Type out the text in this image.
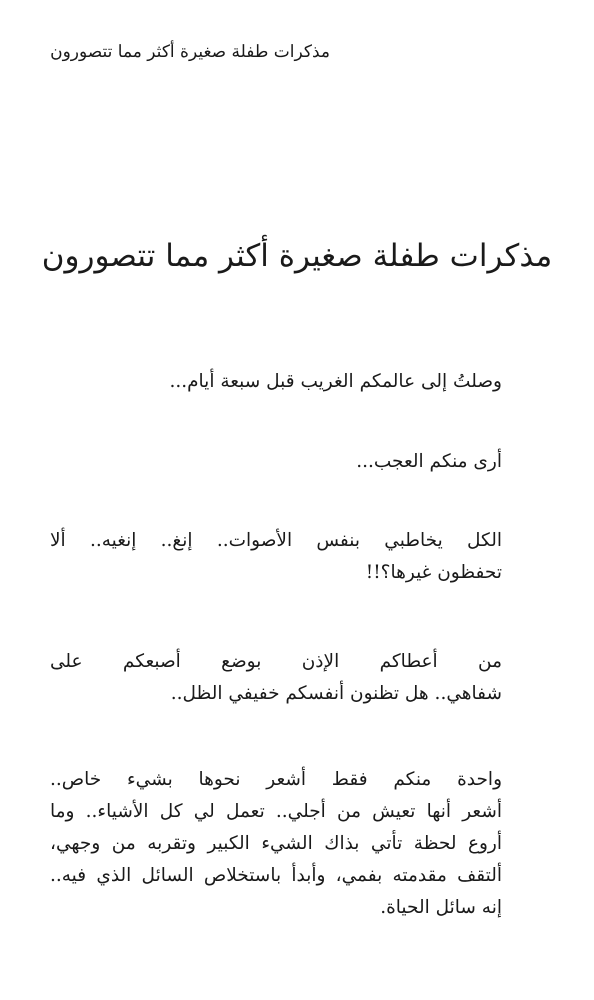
مذكرات طفلة صغيرة أكثر مما تتصورون
مذكرات طفلة صغيرة أكثر مما تتصورون
وصلتُ إلى عالمكم الغريب قبل سبعة أيام...
أرى منكم العجب...
الكل يخاطبي بنفس الأصوات.. إنغ.. إنغيه.. ألا
تحفظون غيرها؟!!
من أعطاكم الإذن بوضع أصبعكم على
شفاهي.. هل تظنون أنفسكم خفيفي الظل..
واحدة منكم فقط أشعر نحوها بشيء خاص..
أشعر أنها تعيش من أجلي.. تعمل لي كل الأشياء.. وما
أروع لحظة تأتي بذاك الشيء الكبير وتقربه من وجهي،
ألتقف مقدمته بفمي، وأبدأ باستخلاص السائل الذي فيه..
إنه سائل الحياة.
